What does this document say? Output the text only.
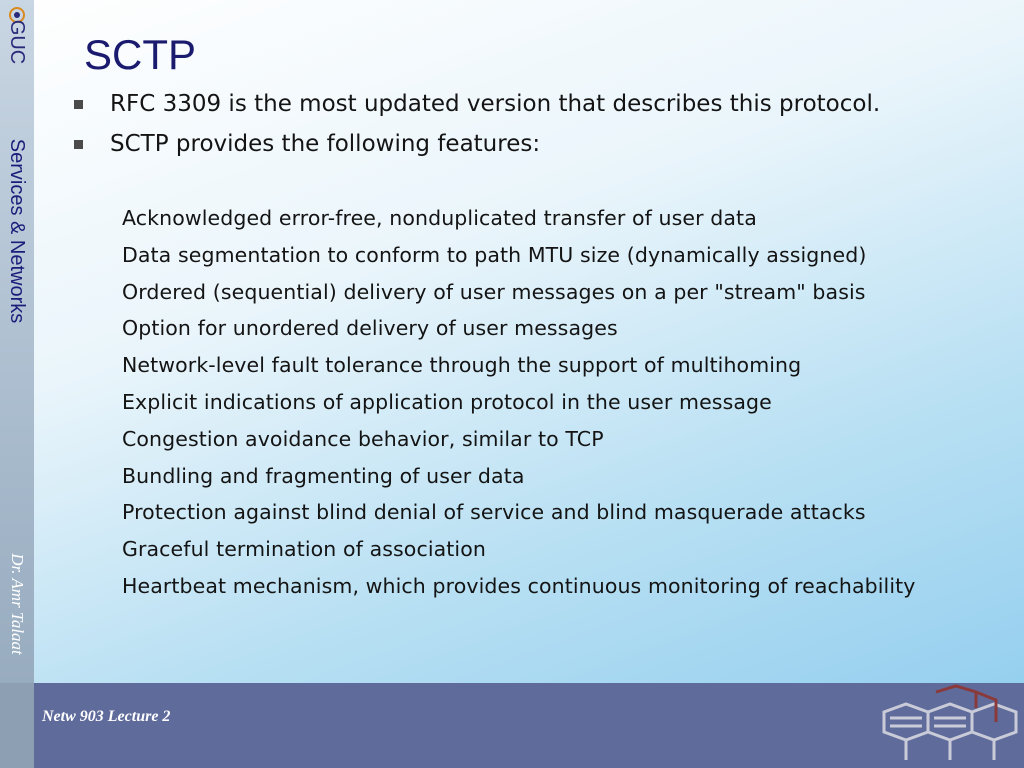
GUC
Services & Networks
Dr. Amr Talaat
SCTP

RFC 3309 is the most updated version that describes this protocol.

SCTP provides the following features:

Acknowledged error-free, nonduplicated transfer of user data
Data segmentation to conform to path MTU size (dynamically assigned)
Ordered (sequential) delivery of user messages on a per "stream" basis
Option for unordered delivery of user messages
Network-level fault tolerance through the support of multihoming
Explicit indications of application protocol in the user message
Congestion avoidance behavior, similar to TCP
Bundling and fragmenting of user data
Protection against blind denial of service and blind masquerade attacks
Graceful termination of association
Heartbeat mechanism, which provides continuous monitoring of reachability
Netw 903 Lecture 2
